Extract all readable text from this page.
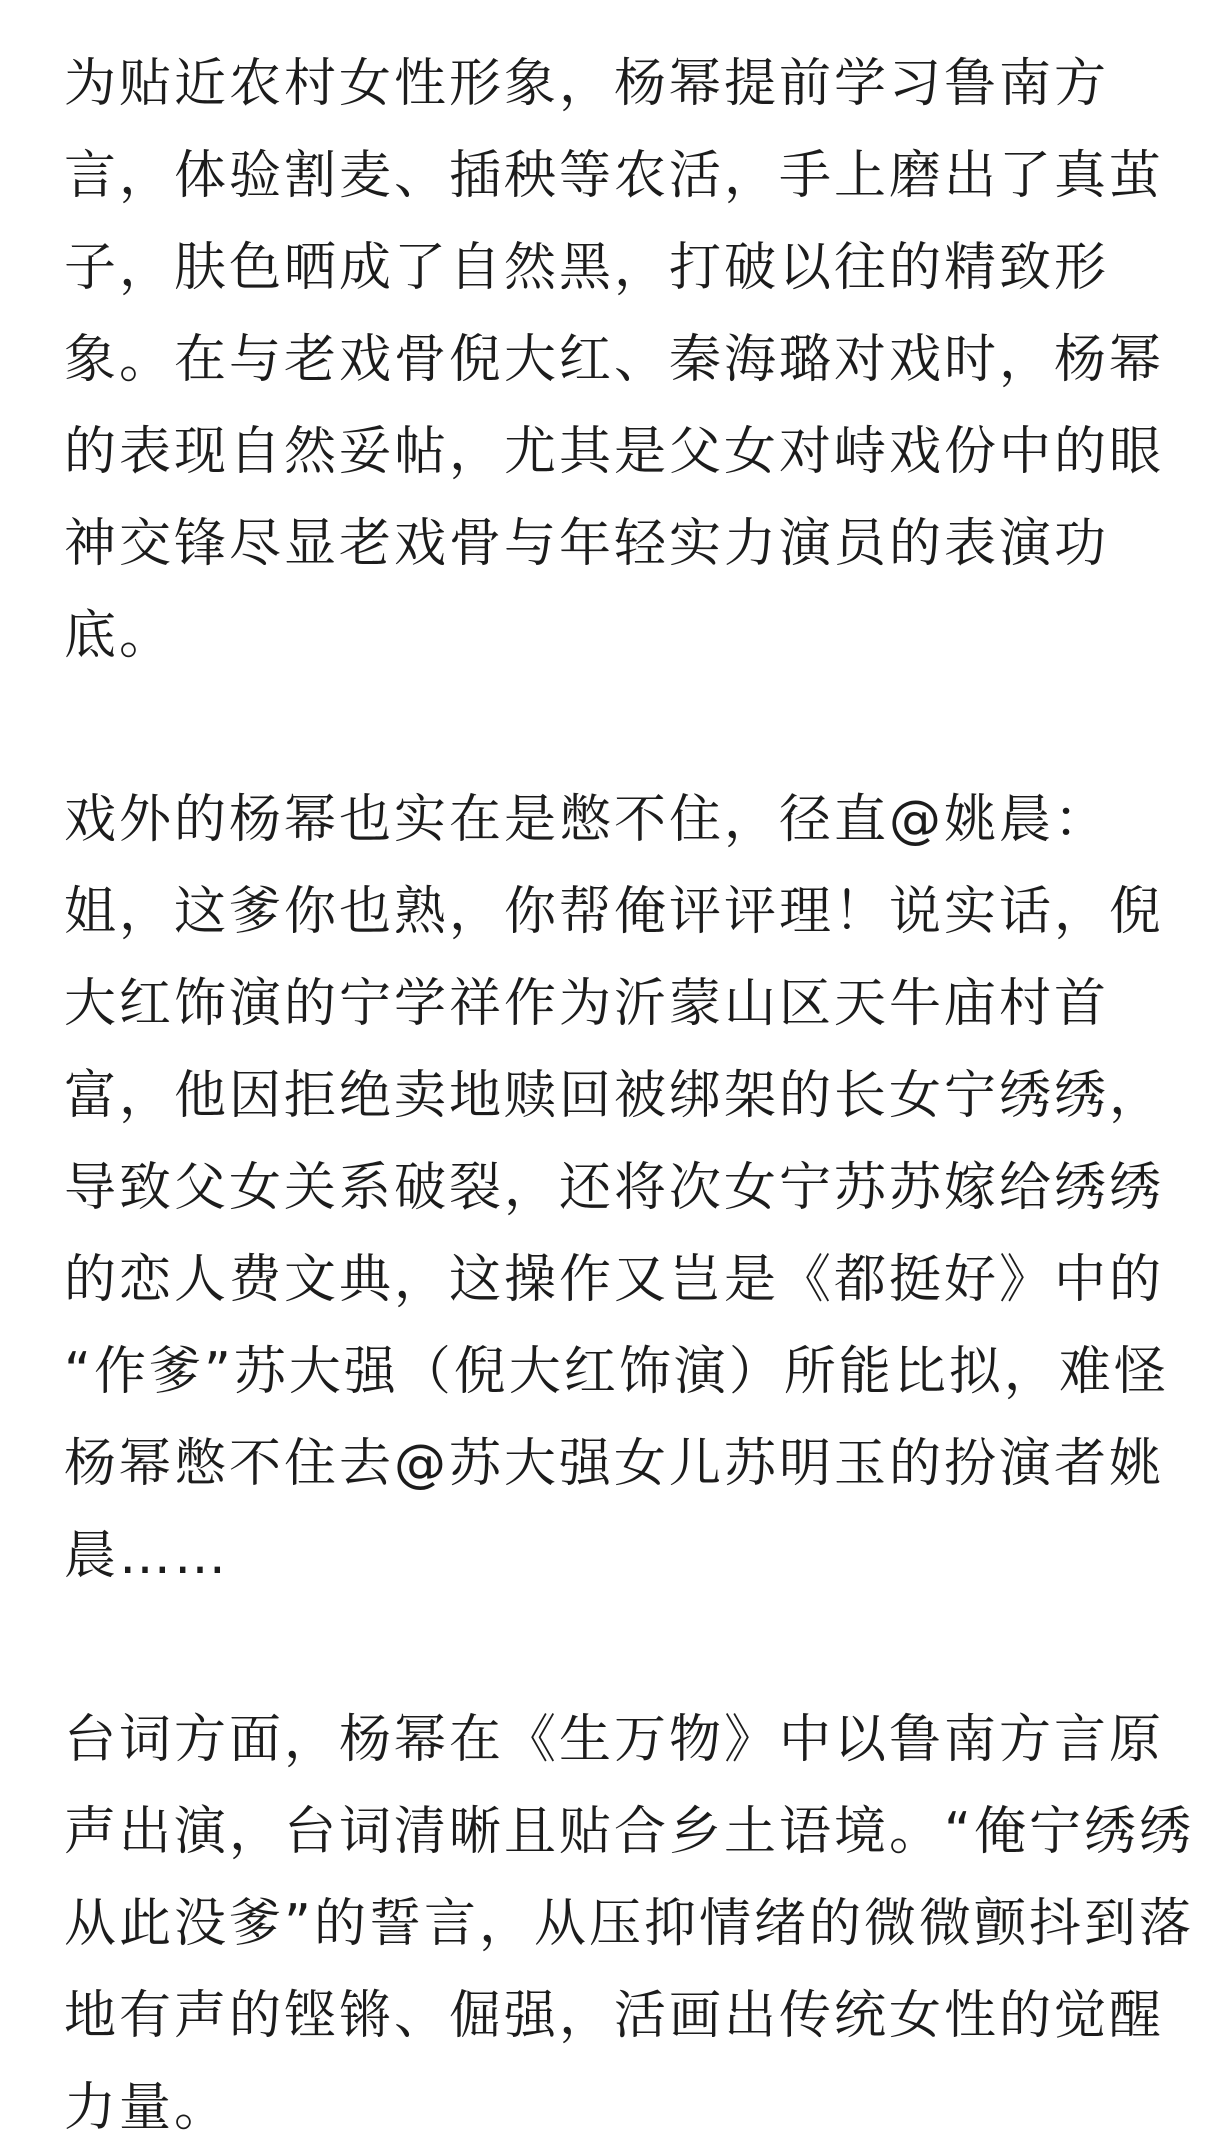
为贴近农村女性形象，杨幂提前学习鲁南方
言，体验割麦、插秧等农活，手上磨出了真茧
子，肤色晒成了自然黑，打破以往的精致形
象。在与老戏骨倪大红、秦海璐对戏时，杨幂
的表现自然妥帖，尤其是父女对峙戏份中的眼
神交锋尽显老戏骨与年轻实力演员的表演功
底。

戏外的杨幂也实在是憋不住，径直@姚晨：
姐，这爹你也熟，你帮俺评评理！说实话，倪
大红饰演的宁学祥作为沂蒙山区天牛庙村首
富，他因拒绝卖地赎回被绑架的长女宁绣绣，
导致父女关系破裂，还将次女宁苏苏嫁给绣绣
的恋人费文典，这操作又岂是《都挺好》中的
“作爹”苏大强（倪大红饰演）所能比拟，难怪
杨幂憋不住去@苏大强女儿苏明玉的扮演者姚
晨……

台词方面，杨幂在《生万物》中以鲁南方言原
声出演，台词清晰且贴合乡土语境。“俺宁绣绣
从此没爹”的誓言，从压抑情绪的微微颤抖到落
地有声的铿锵、倔强，活画出传统女性的觉醒
力量。
